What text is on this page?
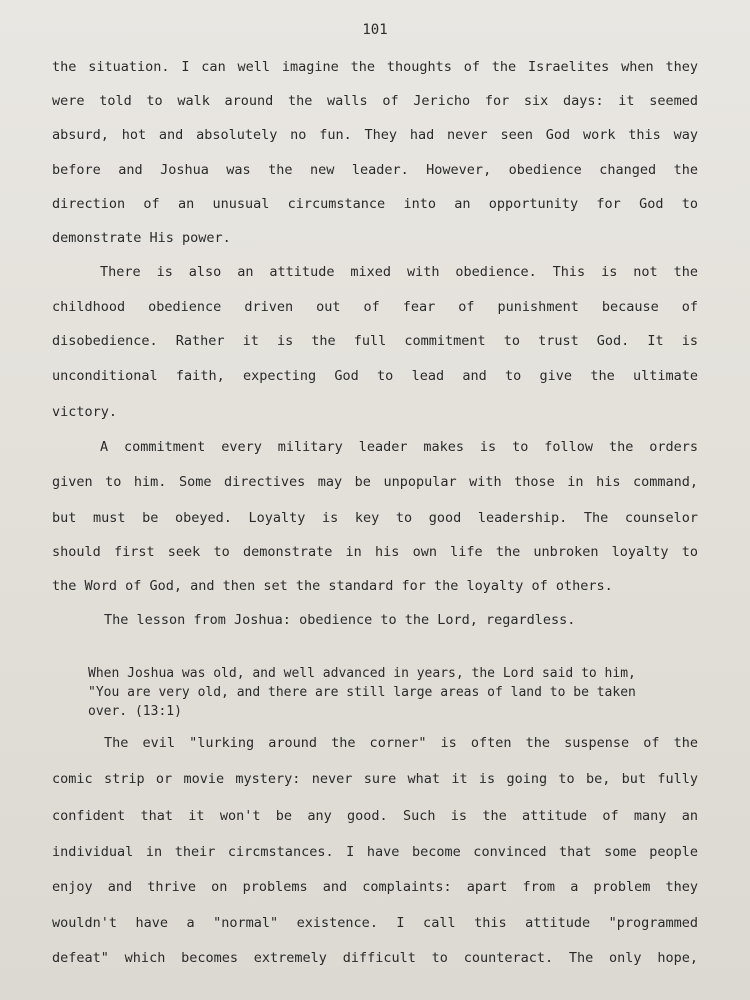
101
the situation. I can well imagine the thoughts of the Israelites when they
were told to walk around the walls of Jericho for six days: it seemed
absurd, hot and absolutely no fun. They had never seen God work this way
before and Joshua was the new leader. However, obedience changed the
direction of an unusual circumstance into an opportunity for God to
demonstrate His power.
There is also an attitude mixed with obedience. This is not the
childhood obedience driven out of fear of punishment because of
disobedience. Rather it is the full commitment to trust God. It is
unconditional faith, expecting God to lead and to give the ultimate
victory.
A commitment every military leader makes is to follow the orders
given to him. Some directives may be unpopular with those in his command,
but must be obeyed. Loyalty is key to good leadership. The counselor
should first seek to demonstrate in his own life the unbroken loyalty to
the Word of God, and then set the standard for the loyalty of others.
The lesson from Joshua: obedience to the Lord, regardless.
When Joshua was old, and well advanced in years, the Lord said to him,
"You are very old, and there are still large areas of land to be taken
over. (13:1)
The evil "lurking around the corner" is often the suspense of the
comic strip or movie mystery: never sure what it is going to be, but fully
confident that it won't be any good. Such is the attitude of many an
individual in their circmstances. I have become convinced that some people
enjoy and thrive on problems and complaints: apart from a problem they
wouldn't have a "normal" existence. I call this attitude "programmed
defeat" which becomes extremely difficult to counteract. The only hope,
